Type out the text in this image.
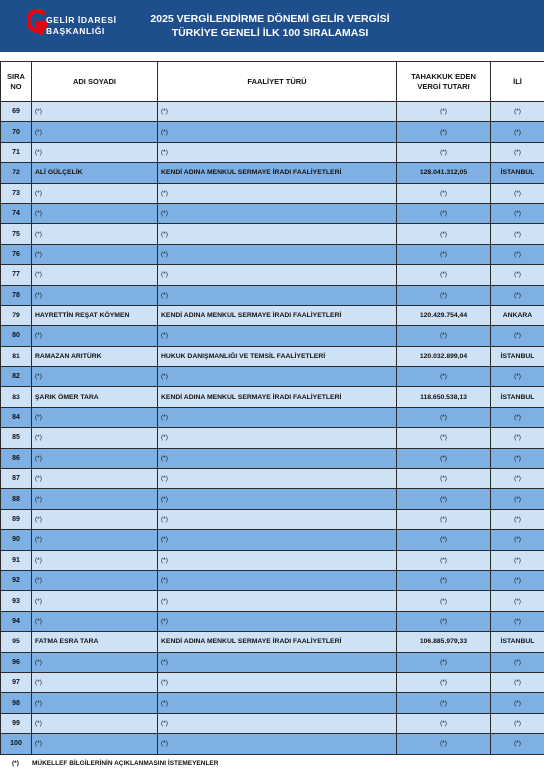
GELİR İDARESİ
BAŞKANLIĞI
2025 VERGİLENDİRME DÖNEMİ GELİR VERGİSİ
TÜRKİYE GENELİ İLK 100 SIRALAMASI
SIRA
NO	ADI SOYADI	FAALİYET TÜRÜ	TAHAKKUK EDEN
VERGİ TUTARI	İLİ
69	(*)	(*)	(*)	(*)
70	(*)	(*)	(*)	(*)
71	(*)	(*)	(*)	(*)
72	ALİ GÜLÇELİK	KENDİ ADINA MENKUL SERMAYE İRADI FAALİYETLERİ	128.041.312,05	İSTANBUL
73	(*)	(*)	(*)	(*)
74	(*)	(*)	(*)	(*)
75	(*)	(*)	(*)	(*)
76	(*)	(*)	(*)	(*)
77	(*)	(*)	(*)	(*)
78	(*)	(*)	(*)	(*)
79	HAYRETTİN REŞAT KÖYMEN	KENDİ ADINA MENKUL SERMAYE İRADI FAALİYETLERİ	120.429.754,44	ANKARA
80	(*)	(*)	(*)	(*)
81	RAMAZAN ARITÜRK	HUKUK DANIŞMANLIĞI VE TEMSİL FAALİYETLERİ	120.032.899,04	İSTANBUL
82	(*)	(*)	(*)	(*)
83	ŞARIK ÖMER TARA	KENDİ ADINA MENKUL SERMAYE İRADI FAALİYETLERİ	118.650.538,13	İSTANBUL
84	(*)	(*)	(*)	(*)
85	(*)	(*)	(*)	(*)
86	(*)	(*)	(*)	(*)
87	(*)	(*)	(*)	(*)
88	(*)	(*)	(*)	(*)
89	(*)	(*)	(*)	(*)
90	(*)	(*)	(*)	(*)
91	(*)	(*)	(*)	(*)
92	(*)	(*)	(*)	(*)
93	(*)	(*)	(*)	(*)
94	(*)	(*)	(*)	(*)
95	FATMA ESRA TARA	KENDİ ADINA MENKUL SERMAYE İRADI FAALİYETLERİ	106.885.979,33	İSTANBUL
96	(*)	(*)	(*)	(*)
97	(*)	(*)	(*)	(*)
98	(*)	(*)	(*)	(*)
99	(*)	(*)	(*)	(*)
100	(*)	(*)	(*)	(*)
(*) MÜKELLEF BİLGİLERİNİN AÇIKLANMASINI İSTEMEYENLER
